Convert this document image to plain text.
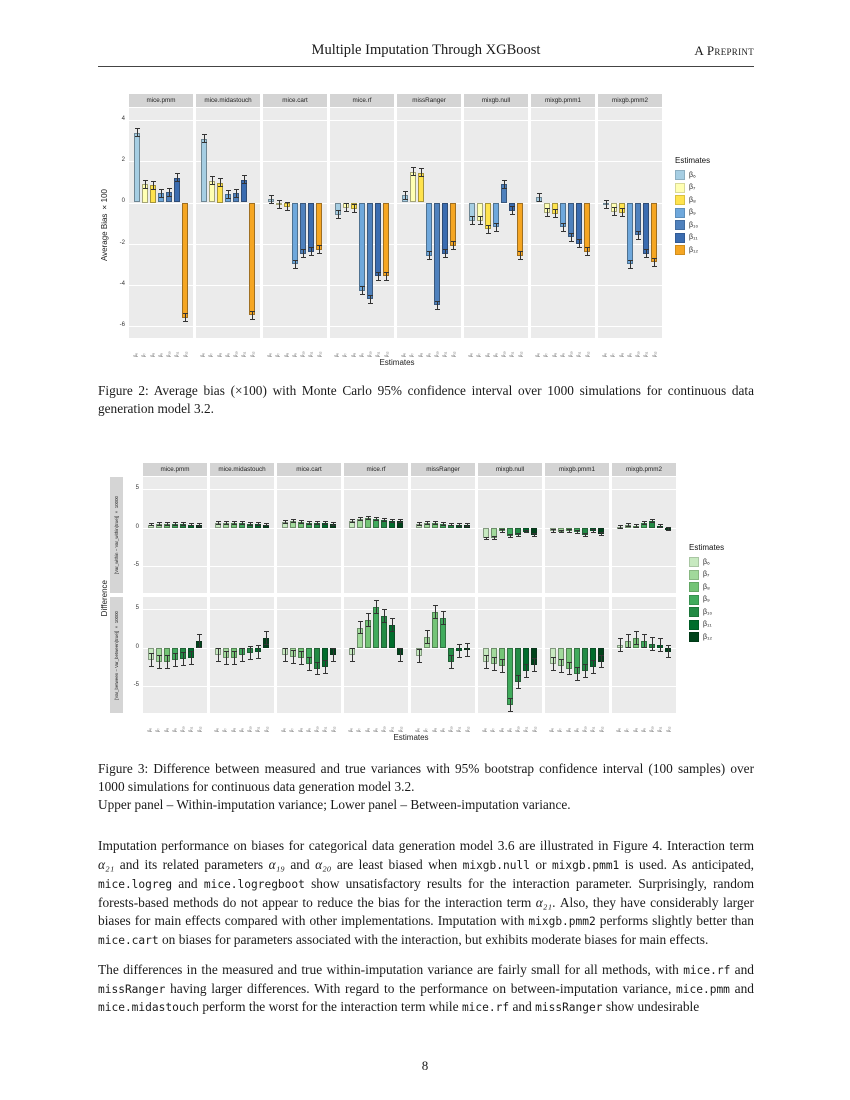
Multiple Imputation Through XGBoost	A Preprint
Average Bias ×100
4
2
0
-2
-4
-6
mice.pmm
β₆ β₇ β₈ β₉ β₁₀ β₁₁ β₁₂
mice.midastouch
β₆ β₇ β₈ β₉ β₁₀ β₁₁ β₁₂
mice.cart
β₆ β₇ β₈ β₉ β₁₀ β₁₁ β₁₂
mice.rf
β₆ β₇ β₈ β₉ β₁₀ β₁₁ β₁₂
missRanger
β₆ β₇ β₈ β₉ β₁₀ β₁₁ β₁₂
mixgb.null
β₆ β₇ β₈ β₉ β₁₀ β₁₁ β₁₂
mixgb.pmm1
β₆ β₇ β₈ β₉ β₁₀ β₁₁ β₁₂
mixgb.pmm2
β₆ β₇ β₈ β₉ β₁₀ β₁₁ β₁₂
Estimates
β₆
β₇
β₈
β₉
β₁₀
β₁₁
β₁₂
Estimates
Figure 2: Average bias (×100) with Monte Carlo 95% confidence interval over 1000 simulations for continuous data generation model 3.2.
Difference
[Var_within − Var_within(true)] × 10000
[Var_between − Var_between(true)] × 10000
5
0
-5
5
0
-5
mice.pmm
β₆ β₇ β₈ β₉ β₁₀ β₁₁ β₁₂
mice.midastouch
β₆ β₇ β₈ β₉ β₁₀ β₁₁ β₁₂
mice.cart
β₆ β₇ β₈ β₉ β₁₀ β₁₁ β₁₂
mice.rf
β₆ β₇ β₈ β₉ β₁₀ β₁₁ β₁₂
missRanger
β₆ β₇ β₈ β₉ β₁₀ β₁₁ β₁₂
mixgb.null
β₆ β₇ β₈ β₉ β₁₀ β₁₁ β₁₂
mixgb.pmm1
β₆ β₇ β₈ β₉ β₁₀ β₁₁ β₁₂
mixgb.pmm2
β₆ β₇ β₈ β₉ β₁₀ β₁₁ β₁₂
Estimates
β₆
β₇
β₈
β₉
β₁₀
β₁₁
β₁₂
Estimates
Figure 3: Difference between measured and true variances with 95% bootstrap confidence interval (100 samples) over 1000 simulations for continuous data generation model 3.2.
Upper panel – Within-imputation variance; Lower panel – Between-imputation variance.

Imputation performance on biases for categorical data generation model 3.6 are illustrated in Figure 4. Interaction term α₂₁ and its related parameters α₁₉ and α₂₀ are least biased when mixgb.null or mixgb.pmm1 is used. As anticipated, mice.logreg and mice.logregboot show unsatisfactory results for the interaction parameter. Surprisingly, random forests-based methods do not appear to reduce the bias for the interaction term α₂₁. Also, they have considerably larger biases for main effects compared with other implementations. Imputation with mixgb.pmm2 performs slightly better than mice.cart on biases for parameters associated with the interaction, but exhibits moderate biases for main effects.

The differences in the measured and true within-imputation variance are fairly small for all methods, with mice.rf and missRanger having larger differences. With regard to the performance on between-imputation variance, mice.pmm and mice.midastouch perform the worst for the interaction term while mice.rf and missRanger show undesirable

8
